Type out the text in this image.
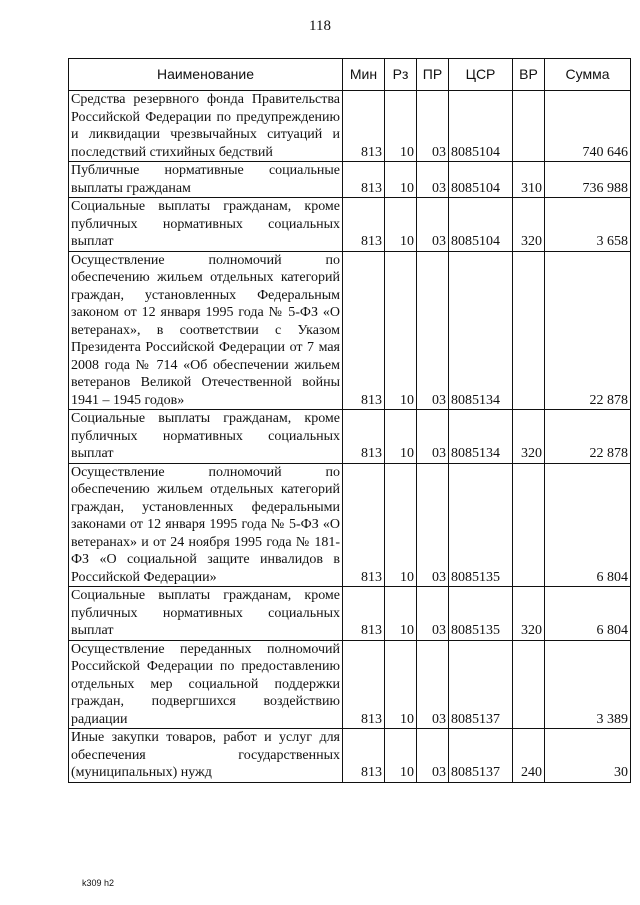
118
Наименование	Мин	Рз	ПР	ЦСР	ВР	Сумма
Средства резервного фонда Правительства Российской Федерации по предупреждению и ликвидации чрезвычайных ситуаций и последствий стихийных бедствий	813	10	03	8085104		740 646
Публичные нормативные социальные выплаты гражданам	813	10	03	8085104	310	736 988
Социальные выплаты гражданам, кроме публичных нормативных социальных выплат	813	10	03	8085104	320	3 658
Осуществление полномочий по обеспечению жильем отдельных категорий граждан, установленных Федеральным законом от 12 января 1995 года № 5-ФЗ «О ветеранах», в соответствии с Указом Президента Российской Федерации от 7 мая 2008 года № 714 «Об обеспечении жильем ветеранов Великой Отечественной войны 1941 – 1945 годов»	813	10	03	8085134		22 878
Социальные выплаты гражданам, кроме публичных нормативных социальных выплат	813	10	03	8085134	320	22 878
Осуществление полномочий по обеспечению жильем отдельных категорий граждан, установленных федеральными законами от 12 января 1995 года № 5-ФЗ «О ветеранах» и от 24 ноября 1995 года № 181-ФЗ «О социальной защите инвалидов в Российской Федерации»	813	10	03	8085135		6 804
Социальные выплаты гражданам, кроме публичных нормативных социальных выплат	813	10	03	8085135	320	6 804
Осуществление переданных полномочий Российской Федерации по предоставлению отдельных мер социальной поддержки граждан, подвергшихся воздействию радиации	813	10	03	8085137		3 389
Иные закупки товаров, работ и услуг для обеспечения государственных (муниципальных) нужд	813	10	03	8085137	240	30
k309 h2
